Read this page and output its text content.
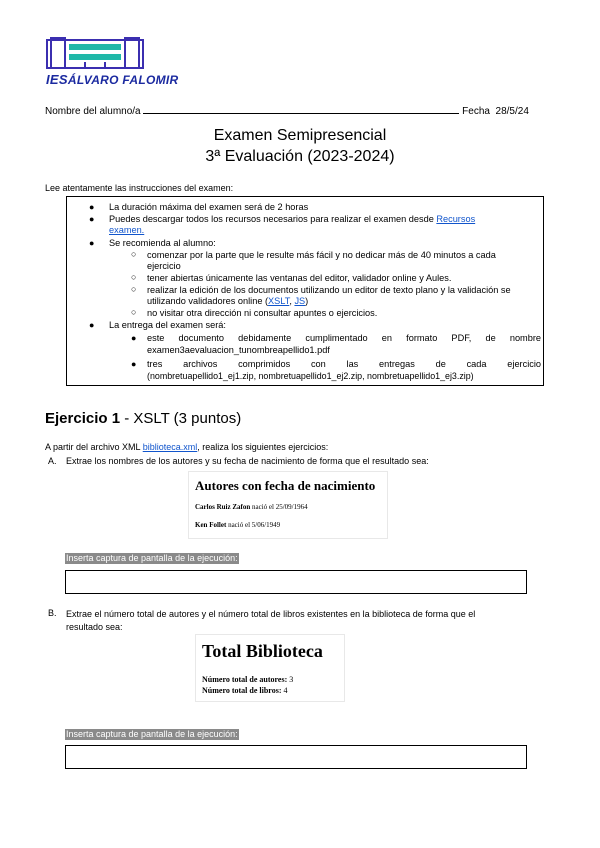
IESÁLVARO FALOMIR
Nombre del alumno/a	Fecha 28/5/24
Examen Semipresencial
3ª Evaluación (2023-2024)
Lee atentamente las instrucciones del examen:
● La duración máxima del examen será de 2 horas
● Puedes descargar todos los recursos necesarios para realizar el examen desde Recursos
examen.
● Se recomienda al alumno:
○ comenzar por la parte que le resulte más fácil y no dedicar más de 40 minutos a cada
ejercicio
○ tener abiertas únicamente las ventanas del editor, validador online y Aules.
○ realizar la edición de los documentos utilizando un editor de texto plano y la validación se
utilizando validadores online (XSLT, JS)
○ no visitar otra dirección ni consultar apuntes o ejercicios.
● La entrega del examen será:
● este documento debidamente cumplimentado en formato PDF, de nombre
examen3aevaluacion_tunombreapellido1.pdf
● tres archivos comprimidos con las entregas de cada ejercicio
(nombretuapellido1_ej1.zip, nombretuapellido1_ej2.zip, nombretuapellido1_ej3.zip)
Ejercicio 1 - XSLT (3 puntos)
A partir del archivo XML biblioteca.xml, realiza los siguientes ejercicios:
A. Extrae los nombres de los autores y su fecha de nacimiento de forma que el resultado sea:
Autores con fecha de nacimiento
Carlos Ruiz Zafon nació el 25/09/1964
Ken Follet nació el 5/06/1949
Inserta captura de pantalla de la ejecución:
B. Extrae el número total de autores y el número total de libros existentes en la biblioteca de forma que el
resultado sea:
Total Biblioteca
Número total de autores: 3
Número total de libros: 4
Inserta captura de pantalla de la ejecución:
